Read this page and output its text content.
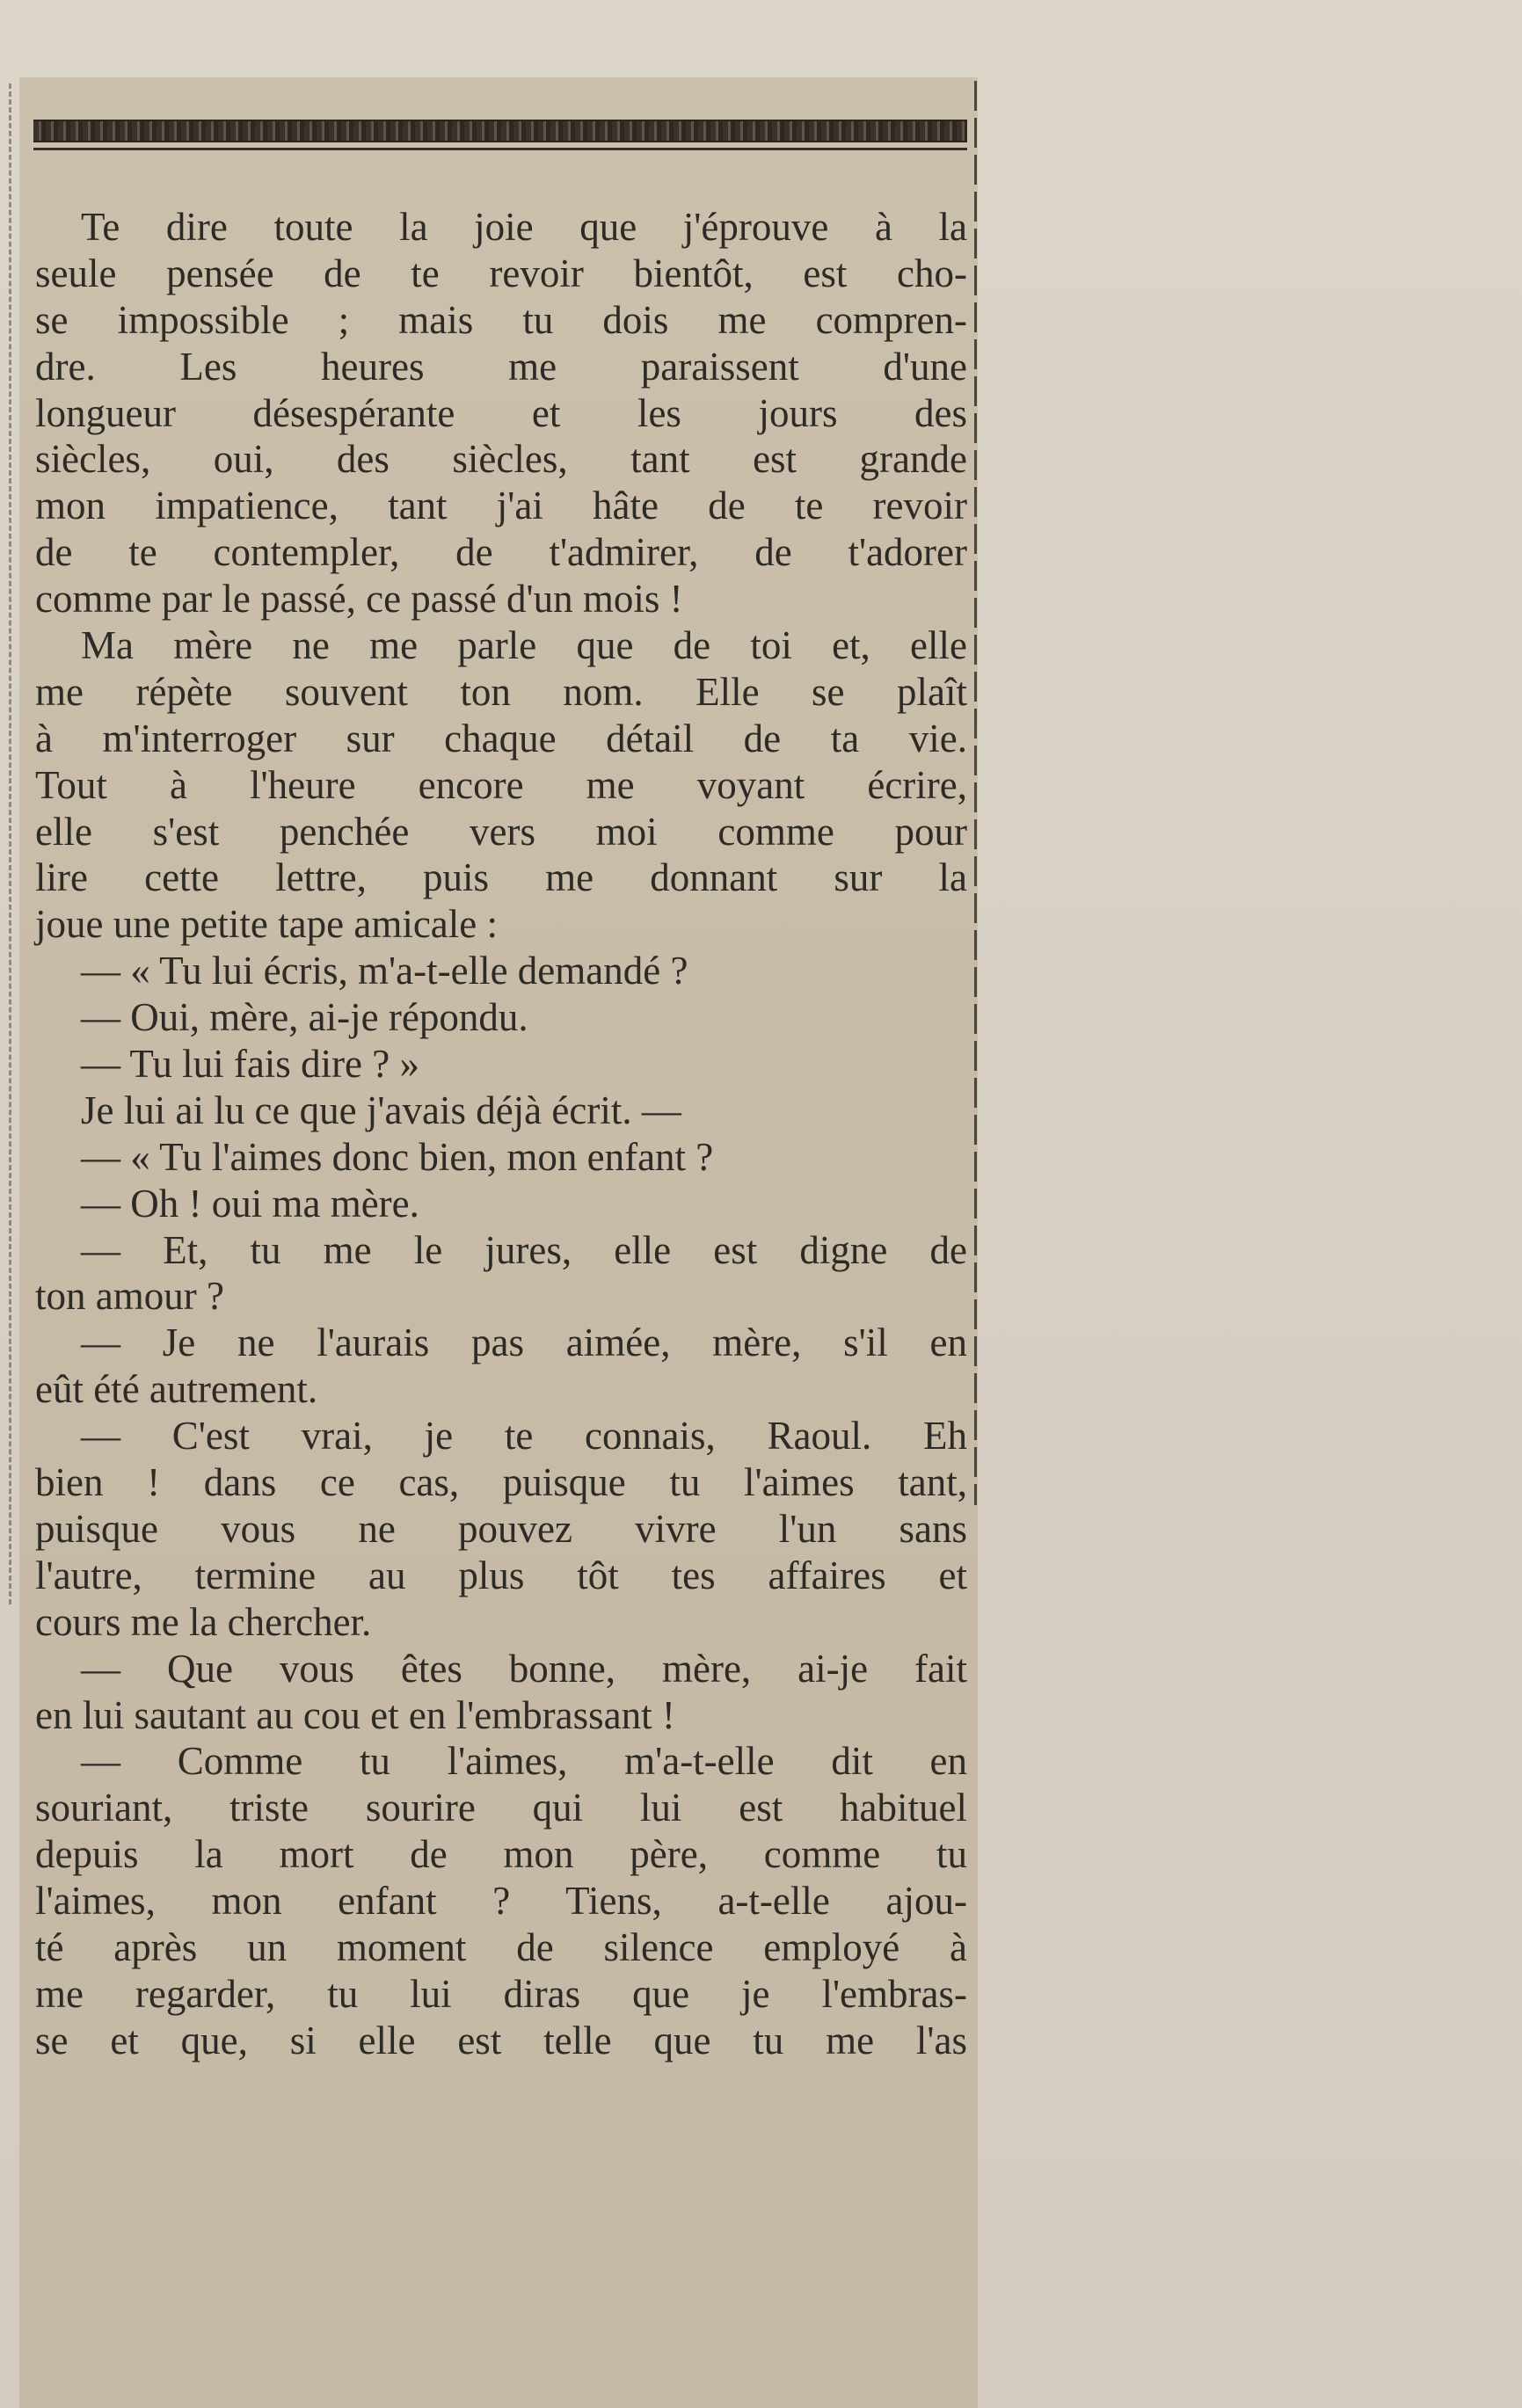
Te dire toute la joie que j'éprouve à la
seule pensée de te revoir bientôt, est cho-
se impossible ; mais tu dois me compren-
dre. Les heures me paraissent d'une
longueur désespérante et les jours des
siècles, oui, des siècles, tant est grande
mon impatience, tant j'ai hâte de te revoir
de te contempler, de t'admirer, de t'adorer
comme par le passé, ce passé d'un mois !
Ma mère ne me parle que de toi et, elle
me répète souvent ton nom. Elle se plaît
à m'interroger sur chaque détail de ta vie.
Tout à l'heure encore me voyant écrire,
elle s'est penchée vers moi comme pour
lire cette lettre, puis me donnant sur la
joue une petite tape amicale :
— « Tu lui écris, m'a-t-elle demandé ?
— Oui, mère, ai-je répondu.
— Tu lui fais dire ? »
Je lui ai lu ce que j'avais déjà écrit. —
— « Tu l'aimes donc bien, mon enfant ?
— Oh ! oui ma mère.
— Et, tu me le jures, elle est digne de
ton amour ?
— Je ne l'aurais pas aimée, mère, s'il en
eût été autrement.
— C'est vrai, je te connais, Raoul. Eh
bien ! dans ce cas, puisque tu l'aimes tant,
puisque vous ne pouvez vivre l'un sans
l'autre, termine au plus tôt tes affaires et
cours me la chercher.
— Que vous êtes bonne, mère, ai-je fait
en lui sautant au cou et en l'embrassant !
— Comme tu l'aimes, m'a-t-elle dit en
souriant, triste sourire qui lui est habituel
depuis la mort de mon père, comme tu
l'aimes, mon enfant ? Tiens, a-t-elle ajou-
té après un moment de silence employé à
me regarder, tu lui diras que je l'embras-
se et que, si elle est telle que tu me l'as
